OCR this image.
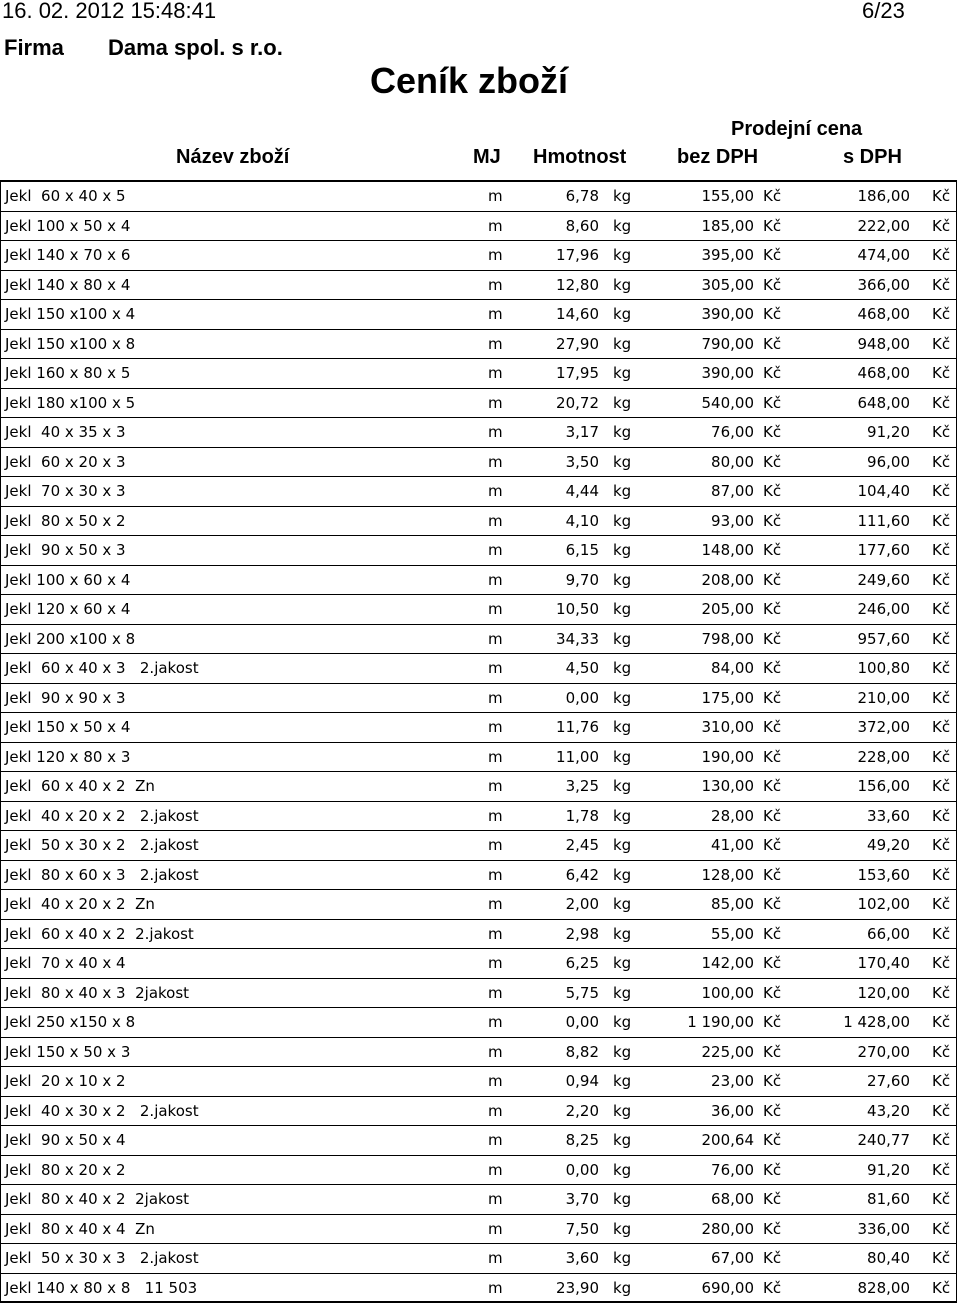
16. 02. 2012 15:48:41	6/23
Firma Dama spol. s r.o.
Ceník zboží
Prodejní cena
Název zboží	MJ Hmotnost	bez DPH	s DPH
Jekl  60 x 40 x 5	m	6,78 kg	155,00 Kč	186,00 Kč
Jekl 100 x 50 x 4	m	8,60 kg	185,00 Kč	222,00 Kč
Jekl 140 x 70 x 6	m	17,96 kg	395,00 Kč	474,00 Kč
Jekl 140 x 80 x 4	m	12,80 kg	305,00 Kč	366,00 Kč
Jekl 150 x100 x 4	m	14,60 kg	390,00 Kč	468,00 Kč
Jekl 150 x100 x 8	m	27,90 kg	790,00 Kč	948,00 Kč
Jekl 160 x 80 x 5	m	17,95 kg	390,00 Kč	468,00 Kč
Jekl 180 x100 x 5	m	20,72 kg	540,00 Kč	648,00 Kč
Jekl  40 x 35 x 3	m	3,17 kg	76,00 Kč	91,20 Kč
Jekl  60 x 20 x 3	m	3,50 kg	80,00 Kč	96,00 Kč
Jekl  70 x 30 x 3	m	4,44 kg	87,00 Kč	104,40 Kč
Jekl  80 x 50 x 2	m	4,10 kg	93,00 Kč	111,60 Kč
Jekl  90 x 50 x 3	m	6,15 kg	148,00 Kč	177,60 Kč
Jekl 100 x 60 x 4	m	9,70 kg	208,00 Kč	249,60 Kč
Jekl 120 x 60 x 4	m	10,50 kg	205,00 Kč	246,00 Kč
Jekl 200 x100 x 8	m	34,33 kg	798,00 Kč	957,60 Kč
Jekl  60 x 40 x 3   2.jakost	m	4,50 kg	84,00 Kč	100,80 Kč
Jekl  90 x 90 x 3	m	0,00 kg	175,00 Kč	210,00 Kč
Jekl 150 x 50 x 4	m	11,76 kg	310,00 Kč	372,00 Kč
Jekl 120 x 80 x 3	m	11,00 kg	190,00 Kč	228,00 Kč
Jekl  60 x 40 x 2  Zn	m	3,25 kg	130,00 Kč	156,00 Kč
Jekl  40 x 20 x 2   2.jakost	m	1,78 kg	28,00 Kč	33,60 Kč
Jekl  50 x 30 x 2   2.jakost	m	2,45 kg	41,00 Kč	49,20 Kč
Jekl  80 x 60 x 3   2.jakost	m	6,42 kg	128,00 Kč	153,60 Kč
Jekl  40 x 20 x 2  Zn	m	2,00 kg	85,00 Kč	102,00 Kč
Jekl  60 x 40 x 2  2.jakost	m	2,98 kg	55,00 Kč	66,00 Kč
Jekl  70 x 40 x 4	m	6,25 kg	142,00 Kč	170,40 Kč
Jekl  80 x 40 x 3  2jakost	m	5,75 kg	100,00 Kč	120,00 Kč
Jekl 250 x150 x 8	m	0,00 kg	1 190,00 Kč	1 428,00 Kč
Jekl 150 x 50 x 3	m	8,82 kg	225,00 Kč	270,00 Kč
Jekl  20 x 10 x 2	m	0,94 kg	23,00 Kč	27,60 Kč
Jekl  40 x 30 x 2   2.jakost	m	2,20 kg	36,00 Kč	43,20 Kč
Jekl  90 x 50 x 4	m	8,25 kg	200,64 Kč	240,77 Kč
Jekl  80 x 20 x 2	m	0,00 kg	76,00 Kč	91,20 Kč
Jekl  80 x 40 x 2  2jakost	m	3,70 kg	68,00 Kč	81,60 Kč
Jekl  80 x 40 x 4  Zn	m	7,50 kg	280,00 Kč	336,00 Kč
Jekl  50 x 30 x 3   2.jakost	m	3,60 kg	67,00 Kč	80,40 Kč
Jekl 140 x 80 x 8   11 503	m	23,90 kg	690,00 Kč	828,00 Kč
